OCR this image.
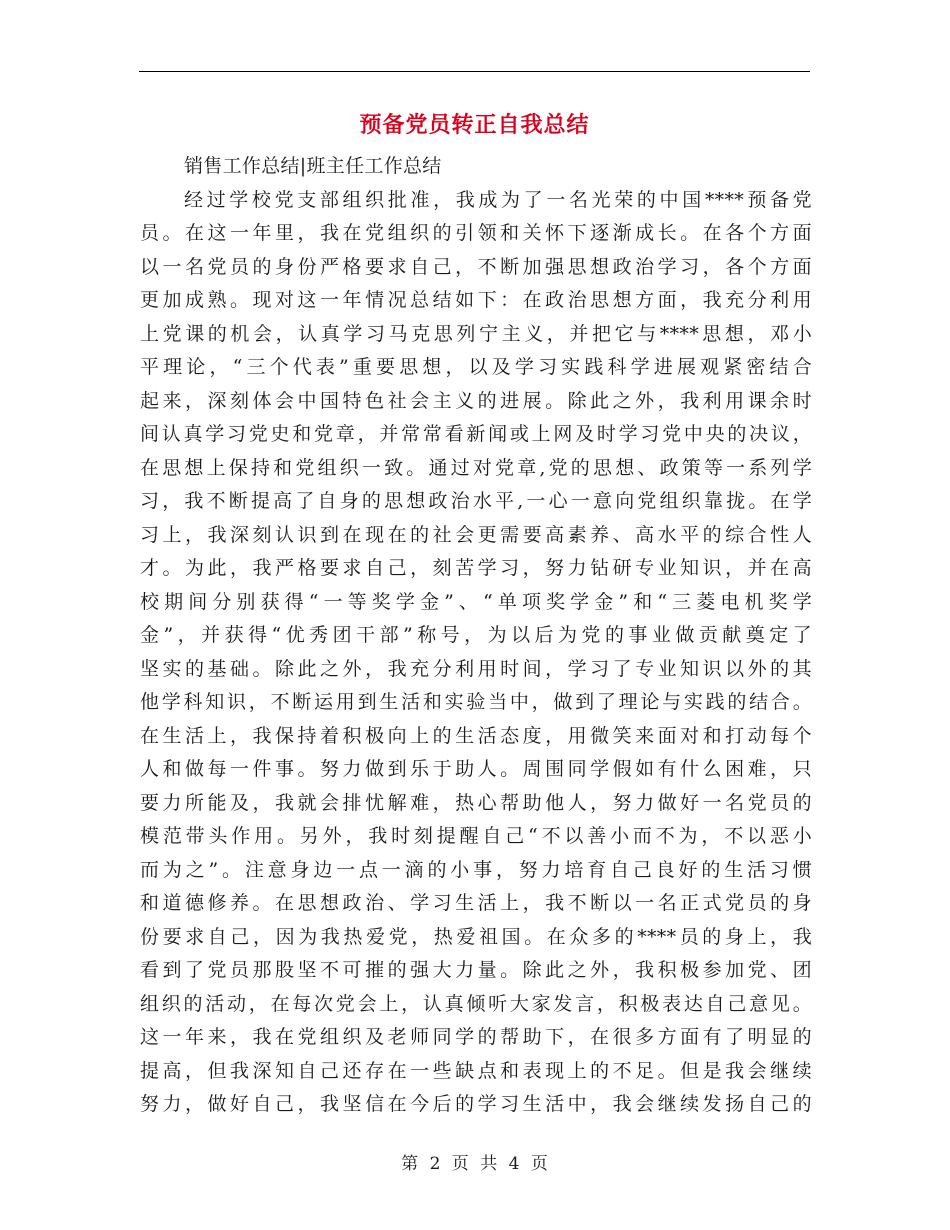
预备党员转正自我总结
销售工作总结|班主任工作总结
经过学校党支部组织批准，我成为了一名光荣的中国****预备党
员。在这一年里，我在党组织的引领和关怀下逐渐成长。在各个方面
以一名党员的身份严格要求自己，不断加强思想政治学习，各个方面
更加成熟。现对这一年情况总结如下：在政治思想方面，我充分利用
上党课的机会，认真学习马克思列宁主义，并把它与****思想，邓小
平理论，“三个代表”重要思想，以及学习实践科学进展观紧密结合
起来，深刻体会中国特色社会主义的进展。除此之外，我利用课余时
间认真学习党史和党章，并常常看新闻或上网及时学习党中央的决议，
在思想上保持和党组织一致。通过对党章,党的思想、政策等一系列学
习，我不断提高了自身的思想政治水平,一心一意向党组织靠拢。在学
习上，我深刻认识到在现在的社会更需要高素养、高水平的综合性人
才。为此，我严格要求自己，刻苦学习，努力钻研专业知识，并在高
校期间分别获得“一等奖学金”、“单项奖学金”和“三菱电机奖学
金”，并获得“优秀团干部”称号，为以后为党的事业做贡献奠定了
坚实的基础。除此之外，我充分利用时间，学习了专业知识以外的其
他学科知识，不断运用到生活和实验当中，做到了理论与实践的结合。
在生活上，我保持着积极向上的生活态度，用微笑来面对和打动每个
人和做每一件事。努力做到乐于助人。周围同学假如有什么困难，只
要力所能及，我就会排忧解难，热心帮助他人，努力做好一名党员的
模范带头作用。另外，我时刻提醒自己“不以善小而不为，不以恶小
而为之”。注意身边一点一滴的小事，努力培育自己良好的生活习惯
和道德修养。在思想政治、学习生活上，我不断以一名正式党员的身
份要求自己，因为我热爱党，热爱祖国。在众多的****员的身上，我
看到了党员那股坚不可摧的强大力量。除此之外，我积极参加党、团
组织的活动，在每次党会上，认真倾听大家发言，积极表达自己意见。
这一年来，我在党组织及老师同学的帮助下，在很多方面有了明显的
提高，但我深知自己还存在一些缺点和表现上的不足。但是我会继续
努力，做好自己，我坚信在今后的学习生活中，我会继续发扬自己的
第 2 页 共 4 页
